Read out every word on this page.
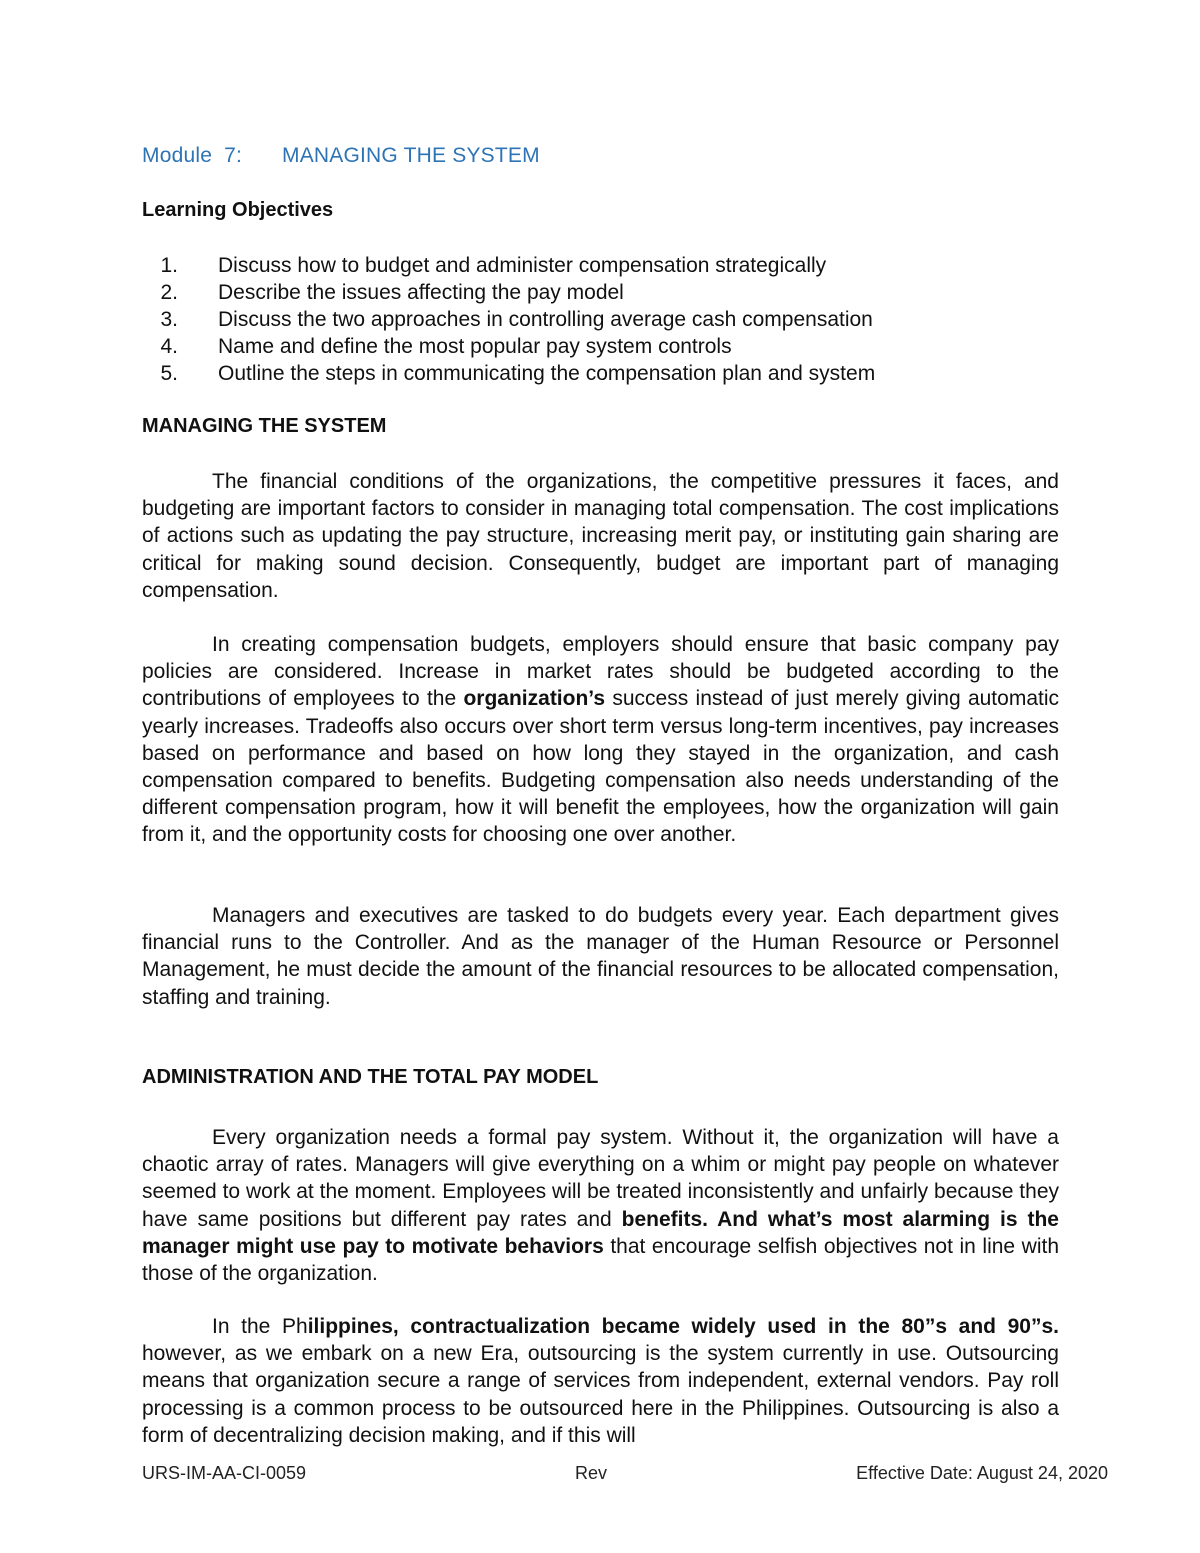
Module  7: MANAGING THE SYSTEM
Learning Objectives
1. Discuss how to budget and administer compensation strategically
2. Describe the issues affecting the pay model
3. Discuss the two approaches in controlling average cash compensation
4. Name and define the most popular pay system controls
5. Outline the steps in communicating the compensation plan and system
MANAGING THE SYSTEM

The financial conditions of the organizations, the competitive pressures it faces, and budgeting are important factors to consider in managing total compensation. The cost implications of actions such as updating the pay structure, increasing merit pay, or instituting gain sharing are critical for making sound decision. Consequently, budget are important part of managing compensation.

In creating compensation budgets, employers should ensure that basic company pay policies are considered. Increase in market rates should be budgeted according to the contributions of employees to the organization’s success instead of just merely giving automatic yearly increases. Tradeoffs also occurs over short term versus long-term incentives, pay increases based on performance and based on how long they stayed in the organization, and cash compensation compared to benefits. Budgeting compensation also needs understanding of the different compensation program, how it will benefit the employees, how the organization will gain from it, and the opportunity costs for choosing one over another.

Managers and executives are tasked to do budgets every year. Each department gives financial runs to the Controller. And as the manager of the Human Resource or Personnel Management, he must decide the amount of the financial resources to be allocated compensation, staffing and training.

ADMINISTRATION AND THE TOTAL PAY MODEL

Every organization needs a formal pay system. Without it, the organization will have a chaotic array of rates. Managers will give everything on a whim or might pay people on whatever seemed to work at the moment. Employees will be treated inconsistently and unfairly because they have same positions but different pay rates and benefits. And what’s most alarming is the manager might use pay to motivate behaviors that encourage selfish objectives not in line with those of the organization.

In the Philippines, contractualization became widely used in the 80”s and 90”s. however, as we embark on a new Era, outsourcing is the system currently in use. Outsourcing means that organization secure a range of services from independent, external vendors. Pay roll processing is a common process to be outsourced here in the Philippines. Outsourcing is also a form of decentralizing decision making, and if this will

URS-IM-AA-CI-0059	Rev	Effective Date: August 24, 2020
